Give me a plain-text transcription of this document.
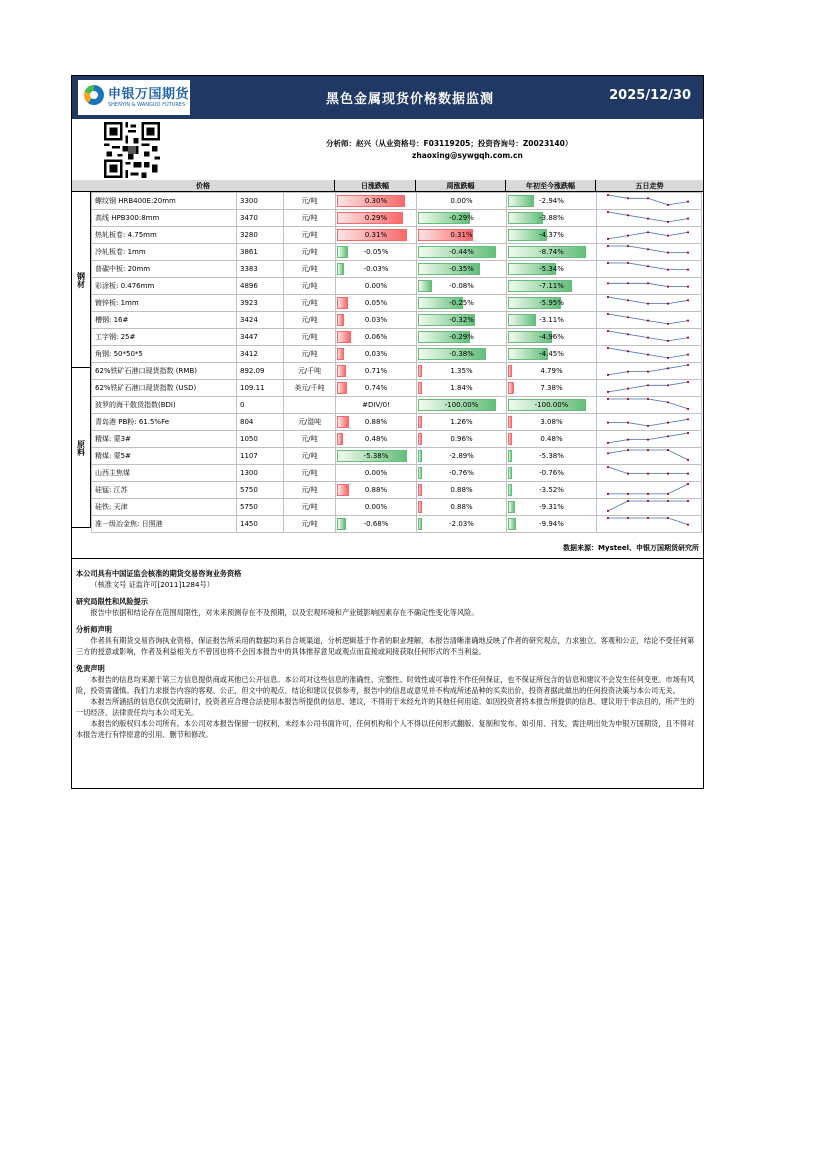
申银万国期货
SHENYIN & WANGUO FUTURES	黑色金属现货价格数据监测	2025/12/30
分析师：赵兴（从业资格号：F03119205；投资咨询号：Z0023140）
zhaoxing@sywgqh.com.cn
价格	日涨跌幅	周涨跌幅	年初至今涨跌幅	五日走势
钢材
原料
螺纹钢 HRB400E:20mm	3300	元/吨	0.30%	0.00%	-2.94%	
高线 HPB300:8mm	3470	元/吨	0.29%	-0.29%	-3.88%	
热轧板卷: 4.75mm	3280	元/吨	0.31%	0.31%	-4.37%	
冷轧板卷: 1mm	3861	元/吨	-0.05%	-0.44%	-8.74%	
普碳中板: 20mm	3383	元/吨	-0.03%	-0.35%	-5.34%	
彩涂板: 0.476mm	4896	元/吨	0.00%	-0.08%	-7.11%	
镀锌板: 1mm	3923	元/吨	0.05%	-0.25%	-5.95%	
槽钢: 16#	3424	元/吨	0.03%	-0.32%	-3.11%	
工字钢: 25#	3447	元/吨	0.06%	-0.29%	-4.96%	
角钢: 50*50*5	3412	元/吨	0.03%	-0.38%	-4.45%	
62%铁矿石港口现货指数 (RMB)	892.09	元/千吨	0.71%	1.35%	4.79%	
62%铁矿石港口现货指数 (USD)	109.11	美元/千吨	0.74%	1.84%	7.38%	
波罗的海干散货指数(BDI)	0		#DIV/0!	-100.00%	-100.00%	
青岛港 PB粉: 61.5%Fe	804	元/湿吨	0.88%	1.26%	3.08%	
精煤: 蒙3#	1050	元/吨	0.48%	0.96%	0.48%	
精煤: 蒙5#	1107	元/吨	-5.38%	-2.89%	-5.38%	
山西主焦煤	1300	元/吨	0.00%	-0.76%	-0.76%	
硅锰: 江苏	5750	元/吨	0.88%	0.88%	-3.52%	
硅铁: 天津	5750	元/吨	0.00%	0.88%	-9.31%	
准一级冶金焦: 日照港	1450	元/吨	-0.68%	-2.03%	-9.94%	
数据来源：Mysteel、申银万国期货研究所
本公司具有中国证监会核准的期货交易咨询业务资格

（核准文号 证监许可[2011]1284号）

研究局限性和风险提示

报告中依据和结论存在范围局限性，对未来预测存在不及预期，以及宏观环境和产业链影响因素存在不确定性变化等风险。

分析师声明

作者具有期货交易咨询执业资格，保证报告所采用的数据均来自合规渠道，分析逻辑基于作者的职业理解，本报告清晰准确地反映了作者的研究观点，力求独立、客观和公正，结论不受任何第三方的授意或影响，作者及利益相关方不曾因也将不会因本报告中的具体推荐意见或观点而直接或间接获取任何形式的不当利益。

免责声明

本报告的信息均来源于第三方信息提供商或其他已公开信息。本公司对这些信息的准确性、完整性、时效性或可靠性不作任何保证，也不保证所包含的信息和建议不会发生任何变更。市场有风险，投资需谨慎。我们力求报告内容的客观、公正，但文中的观点、结论和建议仅供参考，报告中的信息或意见并不构成所述品种的买卖出价，投资者据此做出的任何投资决策与本公司无关。

本报告所涵括的信息仅供交流研讨，投资者应合理合法使用本报告所提供的信息、建议，不得用于未经允许的其他任何用途。如因投资者将本报告所提供的信息、建议用于非法目的，所产生的一切经济、法律责任均与本公司无关。

本报告的版权归本公司所有。本公司对本报告保留一切权利，未经本公司书面许可，任何机构和个人不得以任何形式翻版、复制和发布。如引用、刊发，需注明出处为申银万国期货，且不得对本报告进行有悖原意的引用、删节和修改。
